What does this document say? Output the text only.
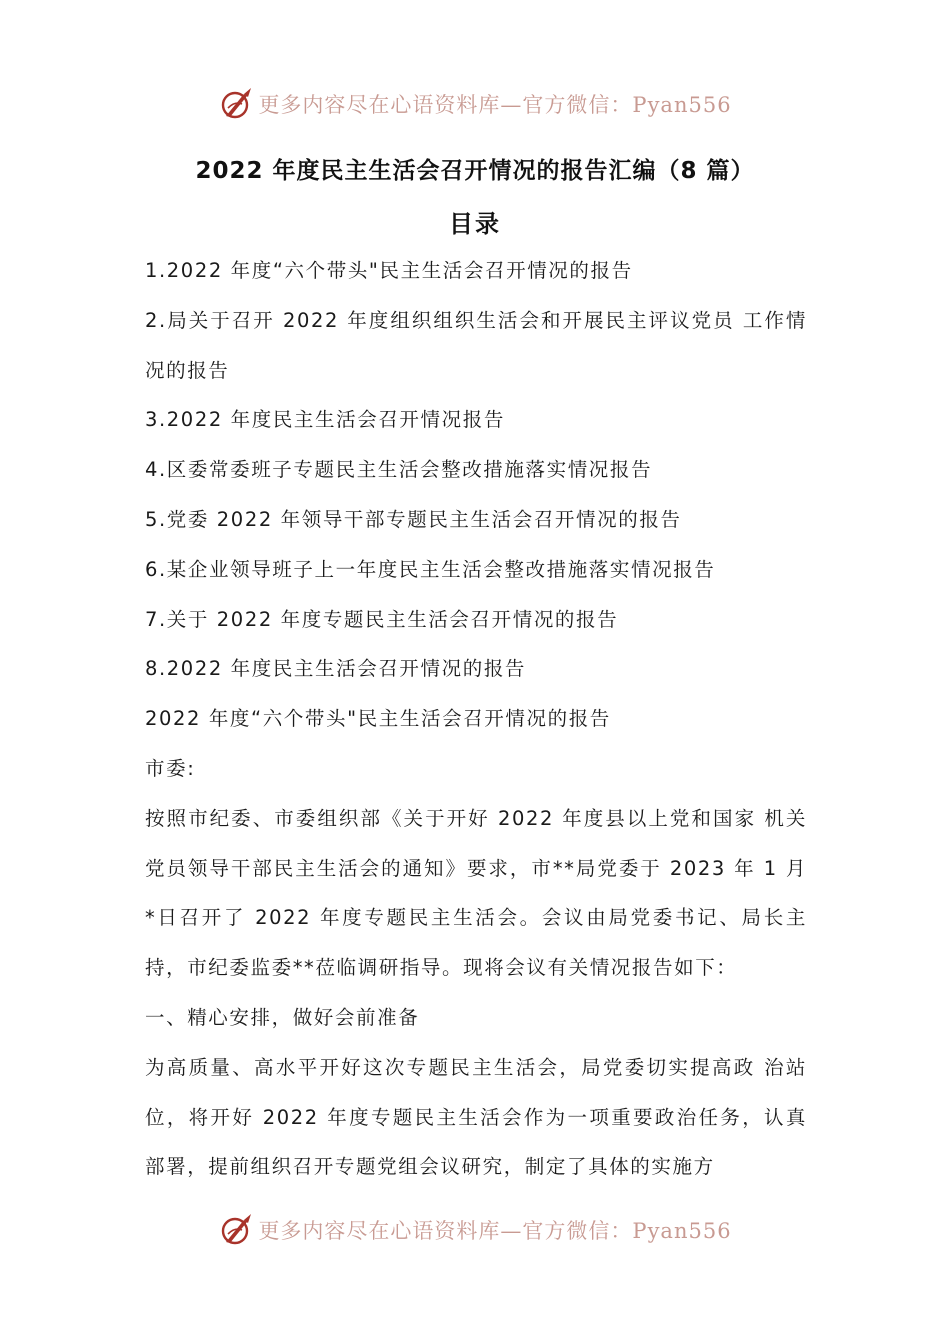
更多内容尽在心语资料库—官方微信：Pyan556
2022 年度民主生活会召开情况的报告汇编（8 篇）
目录

1.2022 年度“六个带头"民主生活会召开情况的报告

2.局关于召开 2022 年度组织组织生活会和开展民主评议党员 工作情况的报告

3.2022 年度民主生活会召开情况报告

4.区委常委班子专题民主生活会整改措施落实情况报告

5.党委 2022 年领导干部专题民主生活会召开情况的报告

6.某企业领导班子上一年度民主生活会整改措施落实情况报告

7.关于 2022 年度专题民主生活会召开情况的报告

8.2022 年度民主生活会召开情况的报告

2022 年度“六个带头"民主生活会召开情况的报告

市委:

按照市纪委、市委组织部《关于开好 2022 年度县以上党和国家 机关党员领导干部民主生活会的通知》要求，市**局党委于 2023 年 1 月*日召开了 2022 年度专题民主生活会。会议由局党委书记、局长主持，市纪委监委**莅临调研指导。现将会议有关情况报告如下：

一、精心安排，做好会前准备

为高质量、高水平开好这次专题民主生活会，局党委切实提高政 治站位，将开好 2022 年度专题民主生活会作为一项重要政治任务，认真部署，提前组织召开专题党组会议研究，制定了具体的实施方

更多内容尽在心语资料库—官方微信：Pyan556
